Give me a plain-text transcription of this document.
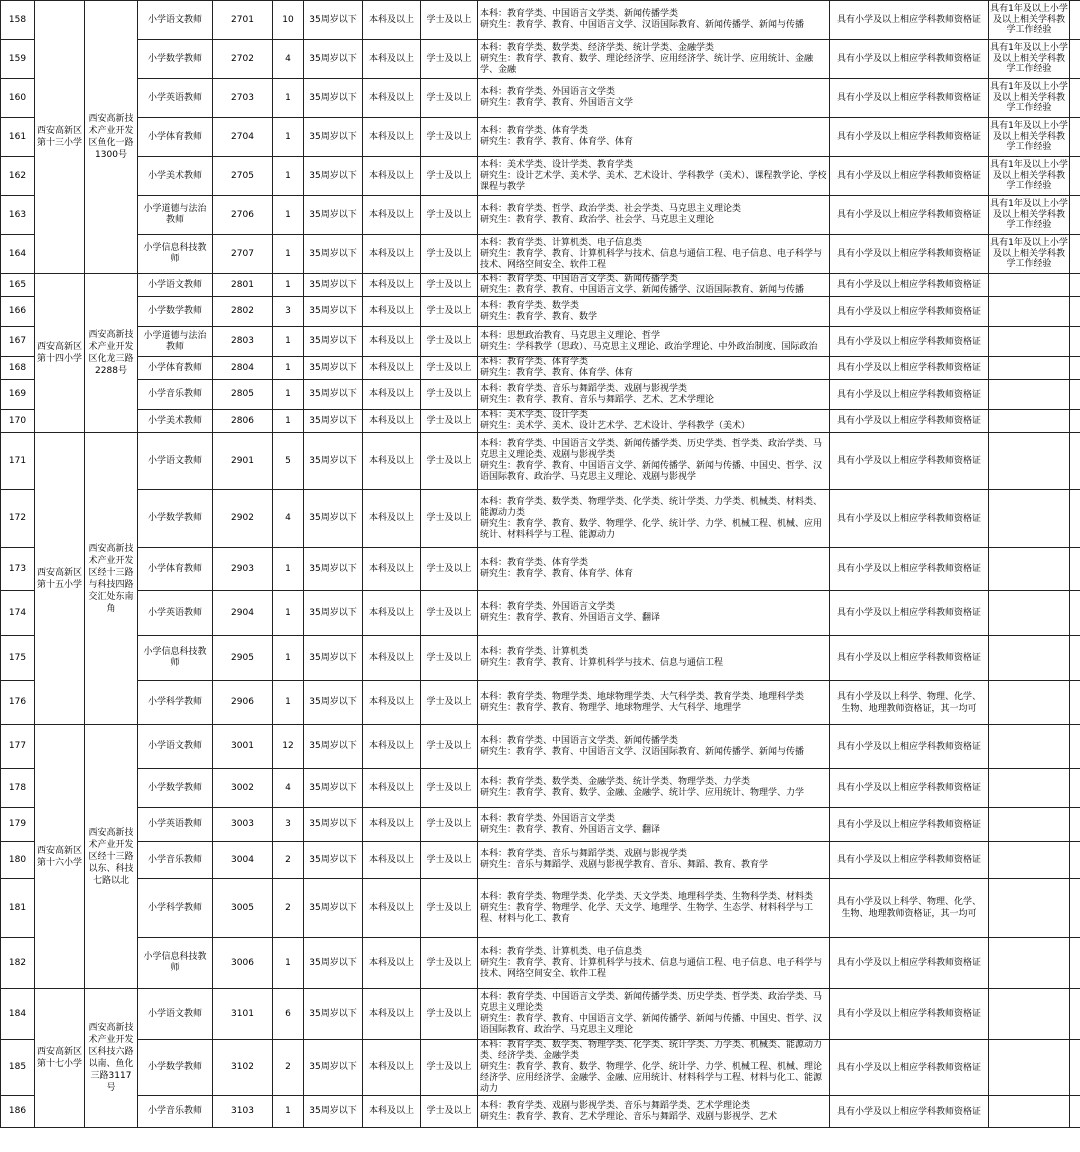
158	西安高新区第十三小学	西安高新技术产业开发区鱼化一路1300号	小学语文教师	2701	10	35周岁以下	本科及以上	学士及以上	本科：教育学类、中国语言文学类、新闻传播学类
研究生：教育学、教育、中国语言文学、汉语国际教育、新闻传播学、新闻与传播	具有小学及以上相应学科教师资格证	具有1年及以上小学及以上相关学科教学工作经验	
159			小学数学教师	2702	4	35周岁以下	本科及以上	学士及以上	本科：教育学类、数学类、经济学类、统计学类、金融学类
研究生：教育学、教育、数学、理论经济学、应用经济学、统计学、应用统计、金融学、金融	具有小学及以上相应学科教师资格证	具有1年及以上小学及以上相关学科教学工作经验	
160			小学英语教师	2703	1	35周岁以下	本科及以上	学士及以上	本科：教育学类、外国语言文学类
研究生：教育学、教育、外国语言文学	具有小学及以上相应学科教师资格证	具有1年及以上小学及以上相关学科教学工作经验	
161			小学体育教师	2704	1	35周岁以下	本科及以上	学士及以上	本科：教育学类、体育学类
研究生：教育学、教育、体育学、体育	具有小学及以上相应学科教师资格证	具有1年及以上小学及以上相关学科教学工作经验	
162			小学美术教师	2705	1	35周岁以下	本科及以上	学士及以上	本科：美术学类、设计学类、教育学类
研究生：设计艺术学、美术学、美术、艺术设计、学科教学（美术）、课程教学论、学校课程与教学	具有小学及以上相应学科教师资格证	具有1年及以上小学及以上相关学科教学工作经验	
163			小学道德与法治教师	2706	1	35周岁以下	本科及以上	学士及以上	本科：教育学类、哲学、政治学类、社会学类、马克思主义理论类
研究生：教育学、教育、政治学、社会学、马克思主义理论	具有小学及以上相应学科教师资格证	具有1年及以上小学及以上相关学科教学工作经验	
164			小学信息科技教师	2707	1	35周岁以下	本科及以上	学士及以上	本科：教育学类、计算机类、电子信息类
研究生：教育学、教育、计算机科学与技术、信息与通信工程、电子信息、电子科学与技术、网络空间安全、软件工程	具有小学及以上相应学科教师资格证	具有1年及以上小学及以上相关学科教学工作经验	
165	西安高新区第十四小学	西安高新技术产业开发区化龙三路2288号	小学语文教师	2801	1	35周岁以下	本科及以上	学士及以上	本科：教育学类、中国语言文学类、新闻传播学类
研究生：教育学、教育、中国语言文学、新闻传播学、汉语国际教育、新闻与传播	具有小学及以上相应学科教师资格证		
166			小学数学教师	2802	3	35周岁以下	本科及以上	学士及以上	本科：教育学类、数学类
研究生：教育学、教育、数学	具有小学及以上相应学科教师资格证		
167			小学道德与法治教师	2803	1	35周岁以下	本科及以上	学士及以上	本科：思想政治教育、马克思主义理论、哲学
研究生：学科教学（思政）、马克思主义理论、政治学理论、中外政治制度、国际政治	具有小学及以上相应学科教师资格证		
168			小学体育教师	2804	1	35周岁以下	本科及以上	学士及以上	本科：教育学类、体育学类
研究生：教育学、教育、体育学、体育	具有小学及以上相应学科教师资格证		
169			小学音乐教师	2805	1	35周岁以下	本科及以上	学士及以上	本科：教育学类、音乐与舞蹈学类、戏剧与影视学类
研究生：教育学、教育、音乐与舞蹈学、艺术、艺术学理论	具有小学及以上相应学科教师资格证		
170			小学美术教师	2806	1	35周岁以下	本科及以上	学士及以上	本科：美术学类、设计学类
研究生：美术学、美术、设计艺术学、艺术设计、学科教学（美术）	具有小学及以上相应学科教师资格证		
171	西安高新区第十五小学	西安高新技术产业开发区经十三路与科技四路交汇处东南角	小学语文教师	2901	5	35周岁以下	本科及以上	学士及以上	本科：教育学类、中国语言文学类、新闻传播学类、历史学类、哲学类、政治学类、马克思主义理论类、戏剧与影视学类
研究生：教育学、教育、中国语言文学、新闻传播学、新闻与传播、中国史、哲学、汉语国际教育、政治学、马克思主义理论、戏剧与影视学	具有小学及以上相应学科教师资格证		
172			小学数学教师	2902	4	35周岁以下	本科及以上	学士及以上	本科：教育学类、数学类、物理学类、化学类、统计学类、力学类、机械类、材料类、能源动力类
研究生：教育学、教育、数学、物理学、化学、统计学、力学、机械工程、机械、应用统计、材料科学与工程、能源动力	具有小学及以上相应学科教师资格证		
173			小学体育教师	2903	1	35周岁以下	本科及以上	学士及以上	本科：教育学类、体育学类
研究生：教育学、教育、体育学、体育	具有小学及以上相应学科教师资格证		
174			小学英语教师	2904	1	35周岁以下	本科及以上	学士及以上	本科：教育学类、外国语言文学类
研究生：教育学、教育、外国语言文学、翻译	具有小学及以上相应学科教师资格证		
175			小学信息科技教师	2905	1	35周岁以下	本科及以上	学士及以上	本科：教育学类、计算机类
研究生：教育学、教育、计算机科学与技术、信息与通信工程	具有小学及以上相应学科教师资格证		
176			小学科学教师	2906	1	35周岁以下	本科及以上	学士及以上	本科：教育学类、物理学类、地球物理学类、大气科学类、教育学类、地理科学类
研究生：教育学、教育、物理学、地球物理学、大气科学、地理学	具有小学及以上科学、物理、化学、生物、地理教师资格证，其一均可		
177	西安高新区第十六小学	西安高新技术产业开发区经十三路以东、科技七路以北	小学语文教师	3001	12	35周岁以下	本科及以上	学士及以上	本科：教育学类、中国语言文学类、新闻传播学类
研究生：教育学、教育、中国语言文学、汉语国际教育、新闻传播学、新闻与传播	具有小学及以上相应学科教师资格证		
178			小学数学教师	3002	4	35周岁以下	本科及以上	学士及以上	本科：教育学类、数学类、金融学类、统计学类、物理学类、力学类
研究生：教育学、教育、数学、金融、金融学、统计学、应用统计、物理学、力学	具有小学及以上相应学科教师资格证		
179			小学英语教师	3003	3	35周岁以下	本科及以上	学士及以上	本科：教育学类、外国语言文学类
研究生：教育学、教育、外国语言文学、翻译	具有小学及以上相应学科教师资格证		
180			小学音乐教师	3004	2	35周岁以下	本科及以上	学士及以上	本科：教育学类、音乐与舞蹈学类、戏剧与影视学类
研究生：音乐与舞蹈学、戏剧与影视学教育、音乐、舞蹈、教育、教育学	具有小学及以上相应学科教师资格证		
181			小学科学教师	3005	2	35周岁以下	本科及以上	学士及以上	本科：教育学类、物理学类、化学类、天文学类、地理科学类、生物科学类、材料类
研究生：教育学、物理学、化学、天文学、地理学、生物学、生态学、材料科学与工程、材料与化工、教育	具有小学及以上科学、物理、化学、生物、地理教师资格证，其一均可		
182			小学信息科技教师	3006	1	35周岁以下	本科及以上	学士及以上	本科：教育学类、计算机类、电子信息类
研究生：教育学、教育、计算机科学与技术、信息与通信工程、电子信息、电子科学与技术、网络空间安全、软件工程	具有小学及以上相应学科教师资格证		
184	西安高新区第十七小学	西安高新技术产业开发区科技六路以南、鱼化三路3117号	小学语文教师	3101	6	35周岁以下	本科及以上	学士及以上	本科：教育学类、中国语言文学类、新闻传播学类、历史学类、哲学类、政治学类、马克思主义理论类
研究生：教育学、教育、中国语言文学、新闻传播学、新闻与传播、中国史、哲学、汉语国际教育、政治学、马克思主义理论	具有小学及以上相应学科教师资格证		
185			小学数学教师	3102	2	35周岁以下	本科及以上	学士及以上	本科：教育学类、数学类、物理学类、化学类、统计学类、力学类、机械类、能源动力类、经济学类、金融学类
研究生：教育学、教育、数学、物理学、化学、统计学、力学、机械工程、机械、理论经济学、应用经济学、金融学、金融、应用统计、材料科学与工程、材料与化工、能源动力	具有小学及以上相应学科教师资格证		
186			小学音乐教师	3103	1	35周岁以下	本科及以上	学士及以上	本科：教育学类、戏剧与影视学类、音乐与舞蹈学类、艺术学理论类
研究生：教育学、教育、艺术学理论、音乐与舞蹈学、戏剧与影视学、艺术	具有小学及以上相应学科教师资格证		
